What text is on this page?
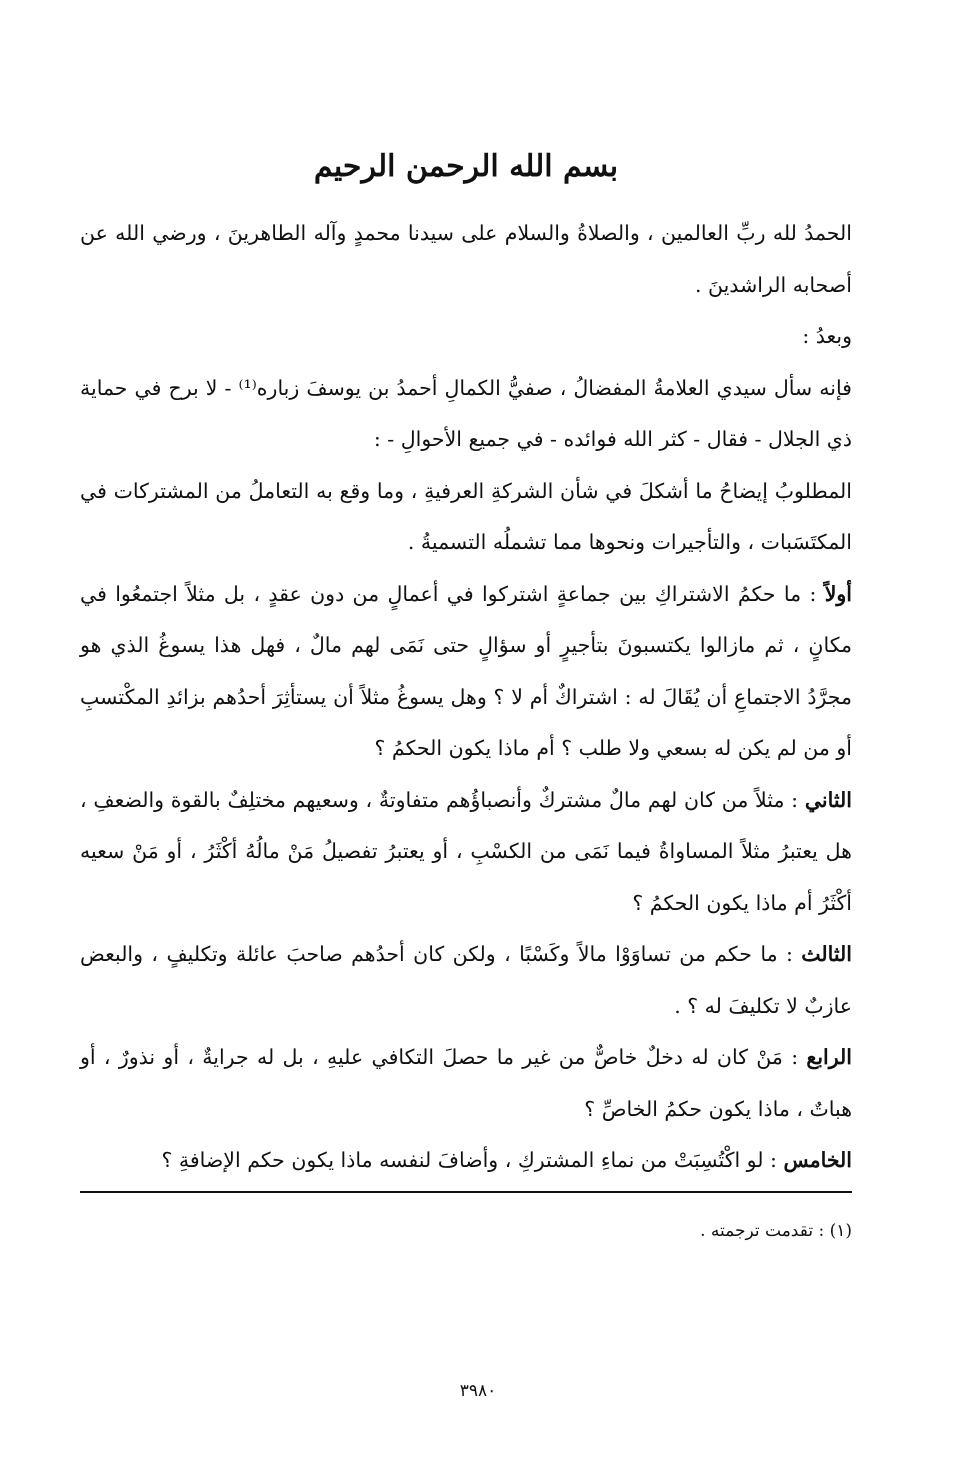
بسم الله الرحمن الرحيم

الحمدُ لله ربِّ العالمين ، والصلاةُ والسلام على سيدنا محمدٍ وآله الطاهرينَ ، ورضي الله عن أصحابه الراشدينَ .

وبعدُ :

فإنه سأل سيدي العلامةُ المفضالُ ، صفيُّ الكمالِ أحمدُ بن يوسفَ زباره⁽¹⁾ - لا برح في حماية ذي الجلال - فقال - كثر الله فوائده - في جميع الأحوالِ - :

المطلوبُ إيضاحُ ما أشكلَ في شأن الشركةِ العرفيةِ ، وما وقع به التعاملُ من المشتركات في المكتَسَبات ، والتأجيرات ونحوها مما تشملُه التسميةُ .

أولاً : ما حكمُ الاشتراكِ بين جماعةٍ اشتركوا في أعمالٍ من دون عقدٍ ، بل مثلاً اجتمعُوا في مكانٍ ، ثم مازالوا يكتسبونَ بتأجيرٍ أو سؤالٍ حتى نَمَى لهم مالٌ ، فهل هذا يسوغُ الذي هو مجرَّدُ الاجتماعِ أن يُقَالَ له : اشتراكٌ أم لا ؟ وهل يسوغُ مثلاً أن يستأثِرَ أحدُهم بزائدِ المكْتسبِ أو من لم يكن له بسعي ولا طلب ؟ أم ماذا يكون الحكمُ ؟

الثاني : مثلاً من كان لهم مالٌ مشتركٌ وأنصباؤُهم متفاوتةٌ ، وسعيهم مختلِفٌ بالقوة والضعفِ ، هل يعتبرُ مثلاً المساواةُ فيما نَمَى من الكسْبِ ، أو يعتبرُ تفصيلُ مَنْ مالُهُ أكْثَرُ ، أو مَنْ سعيه أكْثَرُ أم ماذا يكون الحكمُ ؟

الثالث : ما حكم من تساوَوْا مالاً وكَسْبًا ، ولكن كان أحدُهم صاحبَ عائلة وتكليفٍ ، والبعض عازبٌ لا تكليفَ له ؟ .

الرابع : مَنْ كان له دخلٌ خاصٌّ من غير ما حصلَ التكافي عليهِ ، بل له جرايةٌ ، أو نذورٌ ، أو هباتٌ ، ماذا يكون حكمُ الخاصِّ ؟

الخامس : لو اكْتُسِبَتْ من نماءِ المشتركِ ، وأضافَ لنفسه ماذا يكون حكم الإضافةِ ؟

(١) : تقدمت ترجمته .

٣٩٨٠
